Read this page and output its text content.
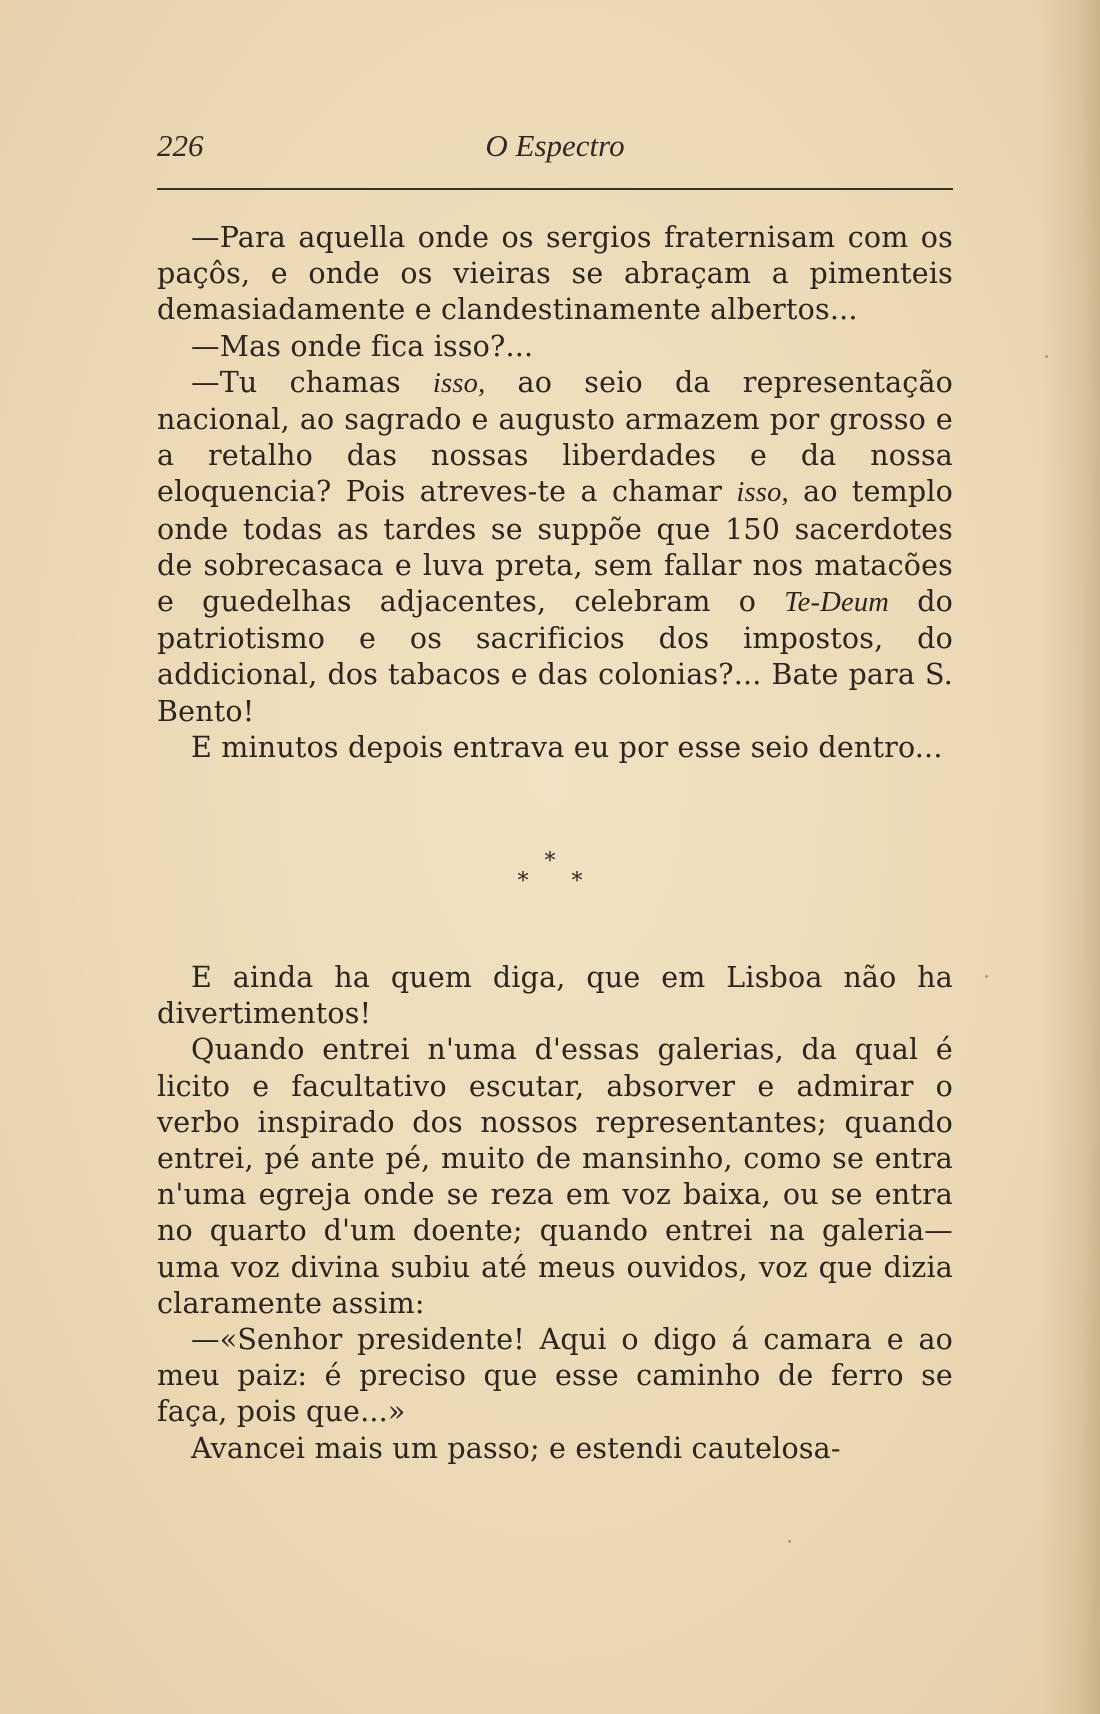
226	O Espectro

—Para aquella onde os sergios fraternisam com os paçôs, e onde os vieiras se abraçam a pimenteis demasiadamente e clandestinamente albertos...

—Mas onde fica isso?...

—Tu chamas isso, ao seio da representação nacional, ao sagrado e augusto armazem por grosso e a retalho das nossas liberdades e da nossa eloquencia? Pois atreves-te a chamar isso, ao templo onde todas as tardes se suppõe que 150 sacerdotes de sobrecasaca e luva preta, sem fallar nos matacões e guedelhas adjacentes, celebram o Te-Deum do patriotismo e os sacrificios dos impostos, do addicional, dos tabacos e das colonias?... Bate para S. Bento!

E minutos depois entrava eu por esse seio dentro...

*
* *

E ainda ha quem diga, que em Lisboa não ha divertimentos!

Quando entrei n'uma d'essas galerias, da qual é licito e facultativo escutar, absorver e admirar o verbo inspirado dos nossos representantes; quando entrei, pé ante pé, muito de mansinho, como se entra n'uma egreja onde se reza em voz baixa, ou se entra no quarto d'um doente; quando entrei na galeria—uma voz divina subiu até meus ouvidos, voz que dizia claramente assim:

—«Senhor presidente! Aqui o digo á camara e ao meu paiz: é preciso que esse caminho de ferro se faça, pois que...»

Avancei mais um passo; e estendi cautelosa-
